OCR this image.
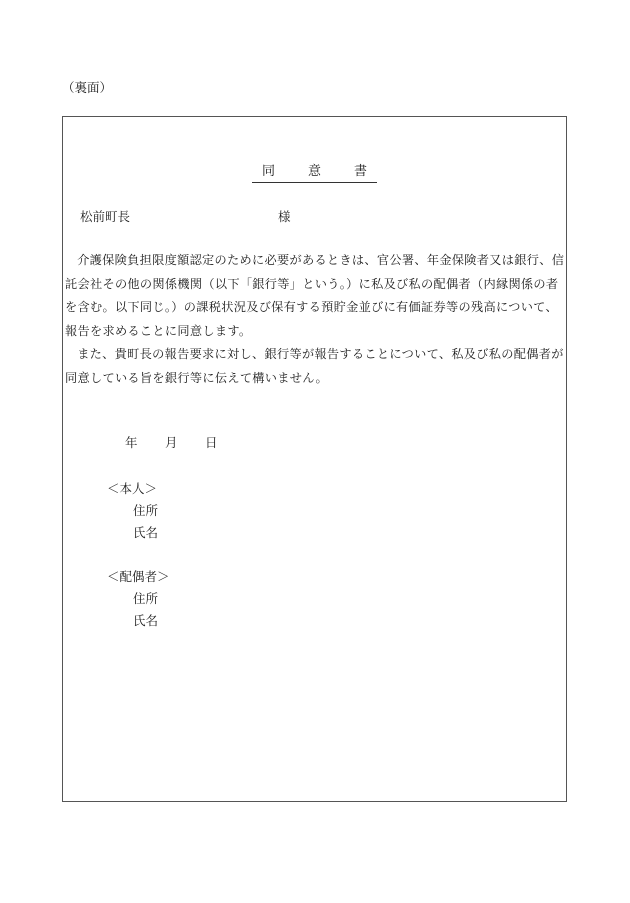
（裏面）
同　意　書
松前町長	様

介護保険負担限度額認定のために必要があるときは、官公署、年金保険者又は銀行、信託会社その他の関係機関（以下「銀行等」という。）に私及び私の配偶者（内縁関係の者を含む。以下同じ。）の課税状況及び保有する預貯金並びに有価証券等の残高について、報告を求めることに同意します。

また、貴町長の報告要求に対し、銀行等が報告することについて、私及び私の配偶者が同意している旨を銀行等に伝えて構いません。

年 月 日
＜本人＞
住所
氏名
＜配偶者＞
住所
氏名
